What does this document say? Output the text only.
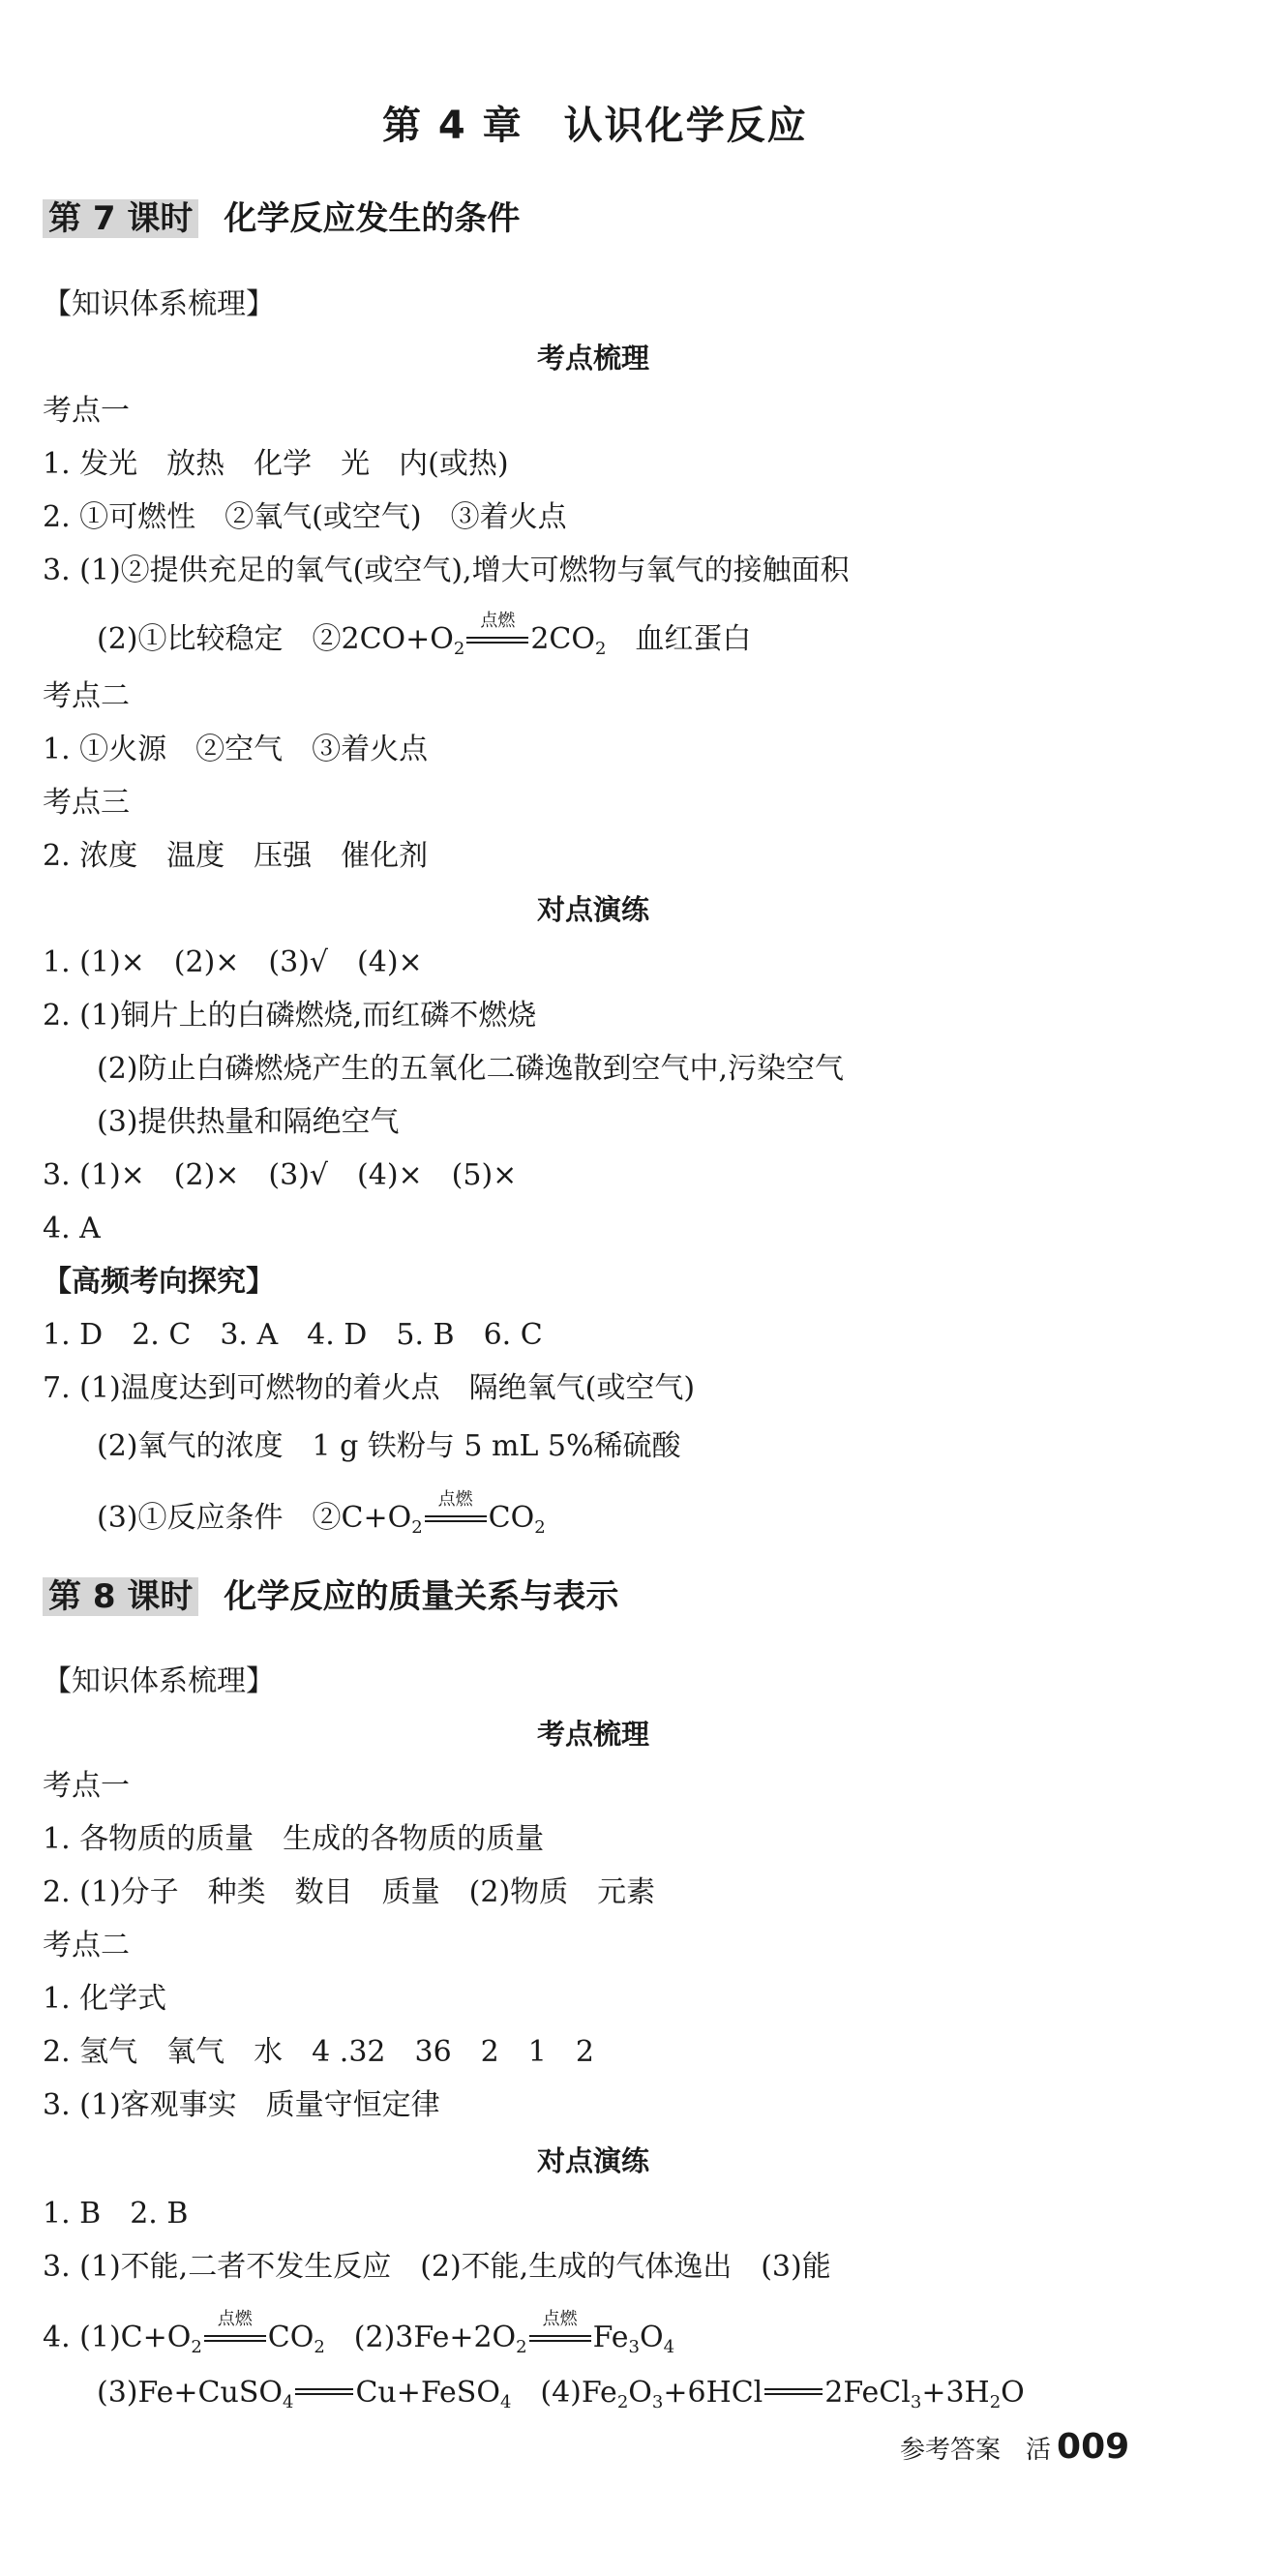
第 4 章　认识化学反应
第 7 课时 化学反应发生的条件
【知识体系梳理】
考点梳理
考点一
1. 发光　放热　化学　光　内(或热)
2. ①可燃性　②氧气(或空气)　③着火点
3. (1)②提供充足的氧气(或空气),增大可燃物与氧气的接触面积
(2)①比较稳定　$②2CO+O_2$
点燃
$2CO_2$　血红蛋白
考点二
1. ①火源　②空气　③着火点
考点三
2. 浓度　温度　压强　催化剂
对点演练
1. (1)×　(2)×　(3)√　(4)×
2. (1)铜片上的白磷燃烧,而红磷不燃烧
(2)防止白磷燃烧产生的五氧化二磷逸散到空气中,污染空气
(3)提供热量和隔绝空气
3. (1)×　(2)×　(3)√　(4)×　(5)×
4. A
【高频考向探究】
1. D　2. C　3. A　4. D　5. B　6. C
7. (1)温度达到可燃物的着火点　隔绝氧气(或空气)
(2)氧气的浓度　1 g 铁粉与 5 mL 5%稀硫酸
(3)①反应条件　$②C+O_2$
点燃
$CO_2$
第 8 课时 化学反应的质量关系与表示
【知识体系梳理】
考点梳理
考点一
1. 各物质的质量　生成的各物质的质量
2. (1)分子　种类　数目　质量　(2)物质　元素
考点二
1. 化学式
2. 氢气　氧气　水　4 .32　36　2　1　2
3. (1)客观事实　质量守恒定律
对点演练
1. B　2. B
3. (1)不能,二者不发生反应　(2)不能,生成的气体逸出　(3)能
4. $(1)C+O_2$
点燃
$CO_2$　$(2)3Fe+2O_2$
点燃
$Fe_3O_4$
(3)Fe+CuSO$_4$ Cu+FeSO$_4$　$(4)Fe_2O_3+6HCl$ $2FeCl_3+3H_2O$
参考答案　活 009
